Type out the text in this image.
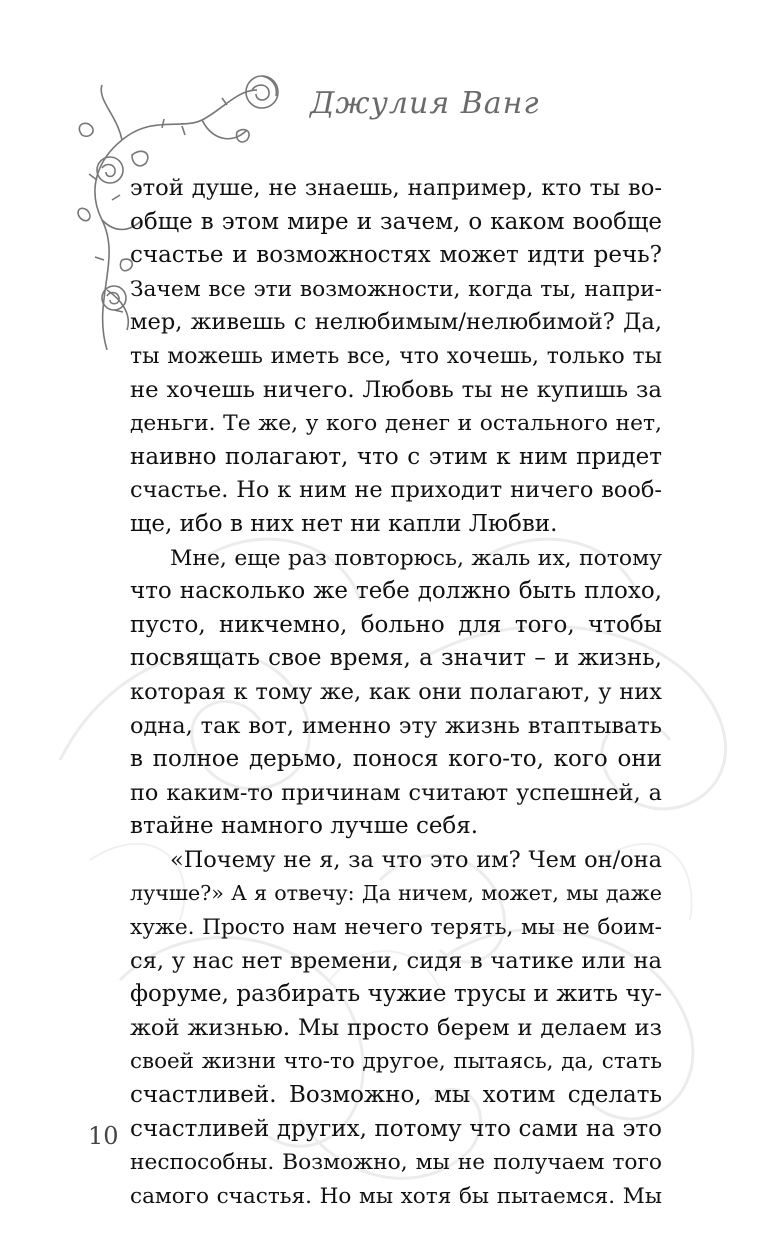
Джулия Ванг

этой душе, не знаешь, например, кто ты во-
обще в этом мире и зачем, о каком вообще
счастье и возможностях может идти речь?
Зачем все эти возможности, когда ты, напри-
мер, живешь с нелюбимым/нелюбимой? Да,
ты можешь иметь все, что хочешь, только ты
не хочешь ничего. Любовь ты не купишь за
деньги. Те же, у кого денег и остального нет,
наивно полагают, что с этим к ним придет
счастье. Но к ним не приходит ничего вооб-
ще, ибо в них нет ни капли Любви.

Мне, еще раз повторюсь, жаль их, потому
что насколько же тебе должно быть плохо,
пусто, никчемно, больно для того, чтобы
посвящать свое время, а значит – и жизнь,
которая к тому же, как они полагают, у них
одна, так вот, именно эту жизнь втаптывать
в полное дерьмо, понося кого-то, кого они
по каким-то причинам считают успешней, а
втайне намного лучше себя.

«Почему не я, за что это им? Чем он/она
лучше?» А я отвечу: Да ничем, может, мы даже
хуже. Просто нам нечего терять, мы не боим-
ся, у нас нет времени, сидя в чатике или на
форуме, разбирать чужие трусы и жить чу-
жой жизнью. Мы просто берем и делаем из
своей жизни что-то другое, пытаясь, да, стать
счастливей. Возможно, мы хотим сделать
счастливей других, потому что сами на это
неспособны. Возможно, мы не получаем того
самого счастья. Но мы хотя бы пытаемся. Мы

10
